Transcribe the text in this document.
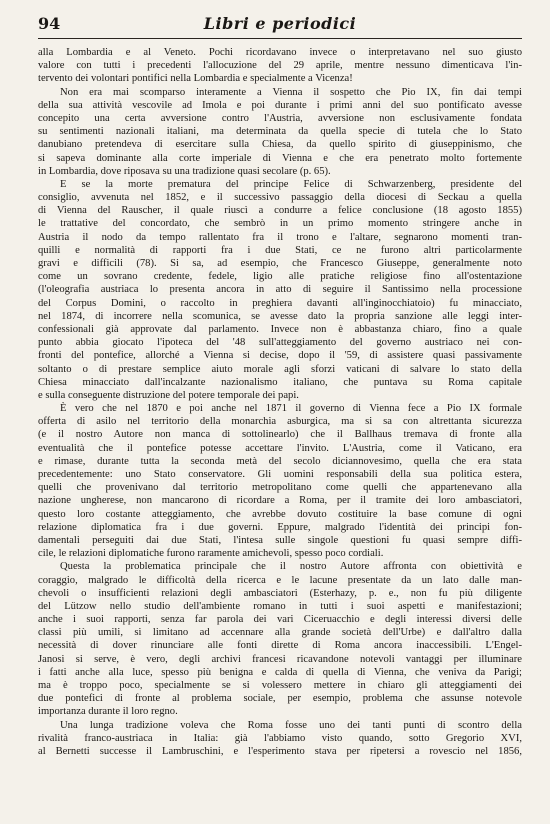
94	Libri e periodici
alla Lombardia e al Veneto. Pochi ricordavano invece o interpretavano nel suo giusto
valore con tutti i precedenti l'allocuzione del 29 aprile, mentre nessuno dimenticava l'in-
tervento dei volontari pontifici nella Lombardia e specialmente a Vicenza!
Non era mai scomparso interamente a Vienna il sospetto che Pio IX, fin dai tempi
della sua attività vescovile ad Imola e poi durante i primi anni del suo pontificato avesse
concepito una certa avversione contro l'Austria, avversione non esclusivamente fondata
su sentimenti nazionali italiani, ma determinata da quella specie di tutela che lo Stato
danubiano pretendeva di esercitare sulla Chiesa, da quello spirito di giuseppinismo, che
si sapeva dominante alla corte imperiale di Vienna e che era penetrato molto fortemente
in Lombardia, dove riposava su una tradizione quasi secolare (p. 65).
E se la morte prematura del principe Felice di Schwarzenberg, presidente del
consiglio, avvenuta nel 1852, e il successivo passaggio della diocesi di Seckau a quella
di Vienna del Rauscher, il quale riuscì a condurre a felice conclusione (18 agosto 1855)
le trattative del concordato, che sembrò in un primo momento stringere anche in
Austria il nodo da tempo rallentato fra il trono e l'altare, segnarono momenti tran-
quilli e normalità di rapporti fra i due Stati, ce ne furono altri particolarmente
gravi e difficili (78). Si sa, ad esempio, che Francesco Giuseppe, generalmente noto
come un sovrano credente, fedele, ligio alle pratiche religiose fino all'ostentazione
(l'oleografia austriaca lo presenta ancora in atto di seguire il Santissimo nella processione
del Corpus Domini, o raccolto in preghiera davanti all'inginocchiatoio) fu minacciato,
nel 1874, di incorrere nella scomunica, se avesse dato la propria sanzione alle leggi inter-
confessionali già approvate dal parlamento. Invece non è abbastanza chiaro, fino a quale
punto abbia giocato l'ipoteca del '48 sull'atteggiamento del governo austriaco nei con-
fronti del pontefice, allorché a Vienna si decise, dopo il '59, di assistere quasi passivamente
soltanto o di prestare semplice aiuto morale agli sforzi vaticani di salvare lo stato della
Chiesa minacciato dall'incalzante nazionalismo italiano, che puntava su Roma capitale
e sulla conseguente distruzione del potere temporale dei papi.
È vero che nel 1870 e poi anche nel 1871 il governo di Vienna fece a Pio IX formale
offerta di asilo nel territorio della monarchia asburgica, ma si sa con altrettanta sicurezza
(e il nostro Autore non manca di sottolinearlo) che il Ballhaus tremava di fronte alla
eventualità che il pontefice potesse accettare l'invito. L'Austria, come il Vaticano, era
e rimase, durante tutta la seconda metà del secolo diciannovesimo, quella che era stata
precedentemente: uno Stato conservatore. Gli uomini responsabili della sua politica estera,
quelli che provenivano dal territorio metropolitano come quelli che appartenevano alla
nazione ungherese, non mancarono di ricordare a Roma, per il tramite dei loro ambasciatori,
questo loro costante atteggiamento, che avrebbe dovuto costituire la base comune di ogni
relazione diplomatica fra i due governi. Eppure, malgrado l'identità dei principi fon-
damentali perseguiti dai due Stati, l'intesa sulle singole questioni fu quasi sempre diffi-
cile, le relazioni diplomatiche furono raramente amichevoli, spesso poco cordiali.
Questa la problematica principale che il nostro Autore affronta con obiettività e
coraggio, malgrado le difficoltà della ricerca e le lacune presentate da un lato dalle man-
chevoli o insufficienti relazioni degli ambasciatori (Esterhazy, p. e., non fu più diligente
del Lützow nello studio dell'ambiente romano in tutti i suoi aspetti e manifestazioni;
anche i suoi rapporti, senza far parola dei vari Ciceruacchio e degli interessi diversi delle
classi più umili, si limitano ad accennare alla grande società dell'Urbe) e dall'altro dalla
necessità di dover rinunciare alle fonti dirette di Roma ancora inaccessibili. L'Engel-
Janosi si serve, è vero, degli archivi francesi ricavandone notevoli vantaggi per illuminare
i fatti anche alla luce, spesso più benigna e calda di quella di Vienna, che veniva da Parigi;
ma è troppo poco, specialmente se si volessero mettere in chiaro gli atteggiamenti dei
due pontefici di fronte al problema sociale, per esempio, problema che assunse notevole
importanza durante il loro regno.
Una lunga tradizione voleva che Roma fosse uno dei tanti punti di scontro della
rivalità franco-austriaca in Italia: già l'abbiamo visto quando, sotto Gregorio XVI,
al Bernetti successe il Lambruschini, e l'esperimento stava per ripetersi a rovescio nel 1856,
